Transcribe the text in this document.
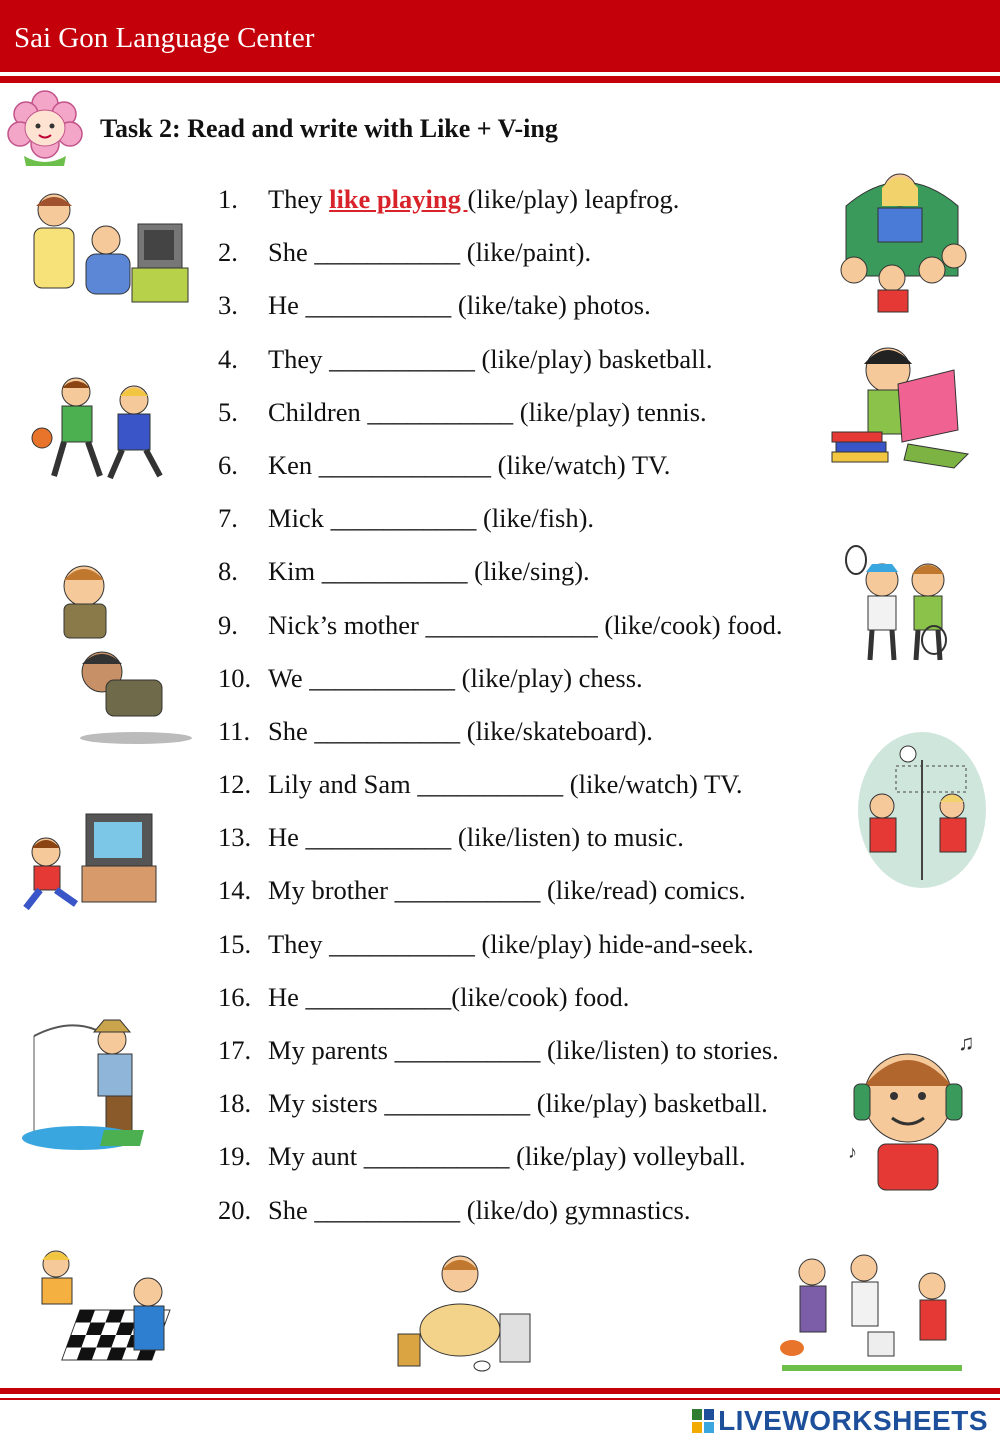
Sai Gon Language Center
Task 2: Read and write with Like + V-ing
1. They like playing (like/play) leapfrog.
2. She ___________ (like/paint).
3. He ___________ (like/take) photos.
4. They ___________ (like/play) basketball.
5. Children ___________ (like/play) tennis.
6. Ken _____________ (like/watch) TV.
7. Mick ___________ (like/fish).
8. Kim ___________ (like/sing).
9. Nick’s mother _____________ (like/cook) food.
10. We ___________ (like/play) chess.
11. She ___________ (like/skateboard).
12. Lily and Sam ___________ (like/watch) TV.
13. He ___________ (like/listen) to music.
14. My brother ___________ (like/read) comics.
15. They ___________ (like/play) hide-and-seek.
16. He ___________(like/cook) food.
17. My parents ___________ (like/listen) to stories.
18. My sisters ___________ (like/play) basketball.
19. My aunt ___________ (like/play) volleyball.
20. She ___________ (like/do) gymnastics.
♫
♪
LIVEWORKSHEETS
